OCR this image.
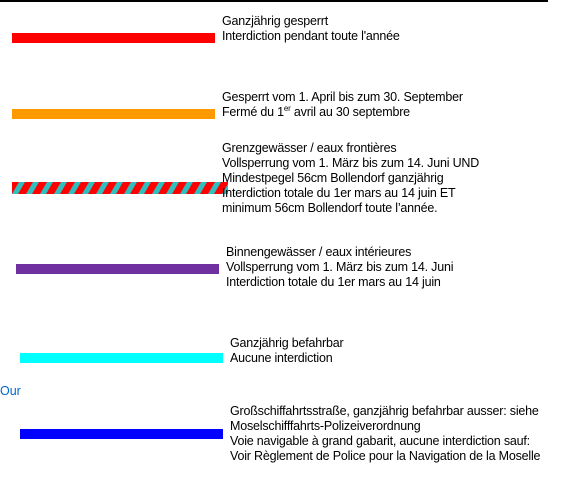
Ganzjährig gesperrt
Interdiction pendant toute l'année
Gesperrt vom 1. April bis zum 30. September
Fermé du 1er avril au 30 septembre
Grenzgewässer / eaux frontières
Vollsperrung vom 1. März bis zum 14. Juni UND
Mindestpegel 56cm Bollendorf ganzjährig
Interdiction totale du 1er mars au 14 juin ET
minimum 56cm Bollendorf toute l’année.
Binnengewässer / eaux intérieures
Vollsperrung vom 1. März bis zum 14. Juni
Interdiction totale du 1er mars au 14 juin
Ganzjährig befahrbar
Aucune interdiction
Our
Großschiffahrtsstraße, ganzjährig befahrbar ausser: siehe
Moselschifffahrts-Polizeiverordnung
Voie navigable à grand gabarit, aucune interdiction sauf:
Voir Règlement de Police pour la Navigation de la Moselle
